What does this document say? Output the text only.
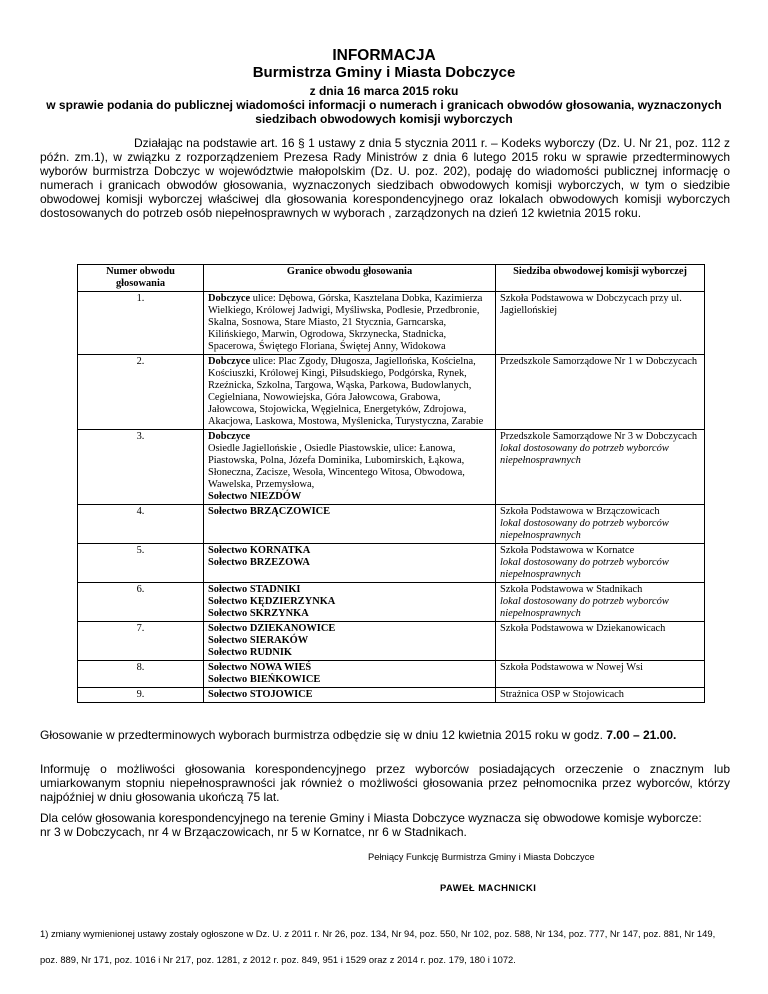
INFORMACJA
Burmistrza Gminy i Miasta Dobczyce
z dnia 16 marca 2015 roku
w sprawie podania do publicznej wiadomości informacji o numerach i granicach obwodów głosowania, wyznaczonych siedzibach obwodowych komisji wyborczych
Działając na podstawie art. 16 § 1 ustawy z dnia 5 stycznia 2011 r. – Kodeks wyborczy (Dz. U. Nr 21, poz. 112 z późn. zm.1), w związku z rozporządzeniem Prezesa Rady Ministrów z dnia 6 lutego 2015 roku w sprawie przedterminowych wyborów burmistrza Dobczyc w województwie małopolskim (Dz. U. poz. 202), podaję do wiadomości publicznej informację o numerach i granicach obwodów głosowania, wyznaczonych siedzibach obwodowych komisji wyborczych, w tym o siedzibie obwodowej komisji wyborczej właściwej dla głosowania korespondencyjnego oraz lokalach obwodowych komisji wyborczych dostosowanych do potrzeb osób niepełnosprawnych w wyborach , zarządzonych na dzień 12 kwietnia 2015 roku.
Numer obwodu głosowania	Granice obwodu głosowania	Siedziba obwodowej komisji wyborczej
1.	Dobczyce ulice: Dębowa, Górska, Kasztelana Dobka, Kazimierza Wielkiego, Królowej Jadwigi, Myśliwska, Podlesie, Przedbronie, Skalna, Sosnowa, Stare Miasto, 21 Stycznia, Garncarska, Kilińskiego, Marwin, Ogrodowa, Skrzynecka, Stadnicka, Spacerowa, Świętego Floriana, Świętej Anny, Widokowa	Szkoła Podstawowa w Dobczycach przy ul. Jagiellońskiej
2.	Dobczyce ulice: Plac Zgody, Długosza, Jagiellońska, Kościelna, Kościuszki, Królowej Kingi, Piłsudskiego, Podgórska, Rynek, Rzeźnicka, Szkolna, Targowa, Wąska, Parkowa, Budowlanych, Cegielniana, Nowowiejska, Góra Jałowcowa, Grabowa, Jałowcowa, Stojowicka, Węgielnica, Energetyków, Zdrojowa, Akacjowa, Laskowa, Mostowa, Myślenicka, Turystyczna, Zarabie	Przedszkole Samorządowe Nr 1 w Dobczycach
3.	Dobczyce
Osiedle Jagiellońskie , Osiedle Piastowskie, ulice: Łanowa, Piastowska, Polna, Józefa Dominika, Lubomirskich, Łąkowa, Słoneczna, Zacisze, Wesoła, Wincentego Witosa, Obwodowa, Wawelska, Przemysłowa,
Sołectwo NIEZDÓW	Przedszkole Samorządowe Nr 3 w Dobczycach
lokal dostosowany do potrzeb wyborców niepełnosprawnych
4.	Sołectwo BRZĄCZOWICE	Szkoła Podstawowa w Brzączowicach
lokal dostosowany do potrzeb wyborców niepełnosprawnych
5.	Sołectwo KORNATKA
Sołectwo BRZEZOWA	Szkoła Podstawowa w Kornatce
lokal dostosowany do potrzeb wyborców niepełnosprawnych
6.	Sołectwo STADNIKI
Sołectwo KĘDZIERZYNKA
Sołectwo SKRZYNKA	Szkoła Podstawowa w Stadnikach
lokal dostosowany do potrzeb wyborców niepełnosprawnych
7.	Sołectwo DZIEKANOWICE
Sołectwo SIERAKÓW
Sołectwo RUDNIK	Szkoła Podstawowa w Dziekanowicach
8.	Sołectwo NOWA WIEŚ
Sołectwo BIEŃKOWICE	Szkoła Podstawowa w Nowej Wsi
9.	Sołectwo STOJOWICE	Strażnica OSP w Stojowicach
Głosowanie w przedterminowych wyborach burmistrza odbędzie się w dniu 12 kwietnia 2015 roku w godz. 7.00 – 21.00.
Informuję o możliwości głosowania korespondencyjnego przez wyborców posiadających orzeczenie o znacznym lub umiarkowanym stopniu niepełnosprawności jak również o możliwości głosowania przez pełnomocnika przez wyborców, którzy najpóźniej w dniu głosowania ukończą 75 lat.
Dla celów głosowania korespondencyjnego na terenie Gminy i Miasta Dobczyce wyznacza się obwodowe komisje wyborcze:
nr 3 w Dobczycach, nr 4 w Brząaczowicach, nr 5 w Kornatce, nr 6 w Stadnikach.
Pełniący Funkcję Burmistrza Gminy i Miasta Dobczyce
PAWEŁ MACHNICKI
1) zmiany wymienionej ustawy zostały ogłoszone w Dz. U. z 2011 r. Nr 26, poz. 134, Nr 94, poz. 550, Nr 102, poz. 588, Nr 134, poz. 777, Nr 147, poz. 881, Nr 149, poz. 889, Nr 171, poz. 1016 i Nr 217, poz. 1281, z 2012 r. poz. 849, 951 i 1529 oraz z 2014 r. poz. 179, 180 i 1072.
